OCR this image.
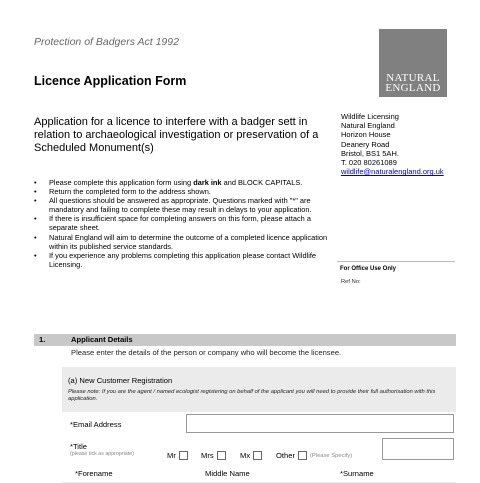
Protection of Badgers Act 1992
NATURAL
ENGLAND
Licence Application Form
Application for a licence to interfere with a badger sett in relation to archaeological investigation or preservation of a Scheduled Monument(s)
Wildlife Licensing
Natural England
Horizon House
Deanery Road
Bristol, BS1 5AH.
T. 020 80261089
wildlife@naturalengland.org.uk
• Please complete this application form using dark ink and BLOCK CAPITALS.
• Return the completed form to the address shown.
• All questions should be answered as appropriate. Questions marked with "*" are mandatory and failing to complete these may result in delays to your application.
• If there is insufficient space for completing answers on this form, please attach a separate sheet.
• Natural England will aim to determine the outcome of a completed licence application within its published service standards.
• If you experience any problems completing this application please contact Wildlife Licensing.
For Office Use Only
Ref No:
1.	Applicant Details
Please enter the details of the person or company who will become the licensee.
(a) New Customer Registration
Please note: If you are the agent / named ecologist registering on behalf of the applicant you will need to provide their full authorisation with this application.
*Email Address
*Title
(please tick as appropriate)	Mr	Mrs	Mx	Other	(Please Specify)
*Forename	Middle Name	*Surname
